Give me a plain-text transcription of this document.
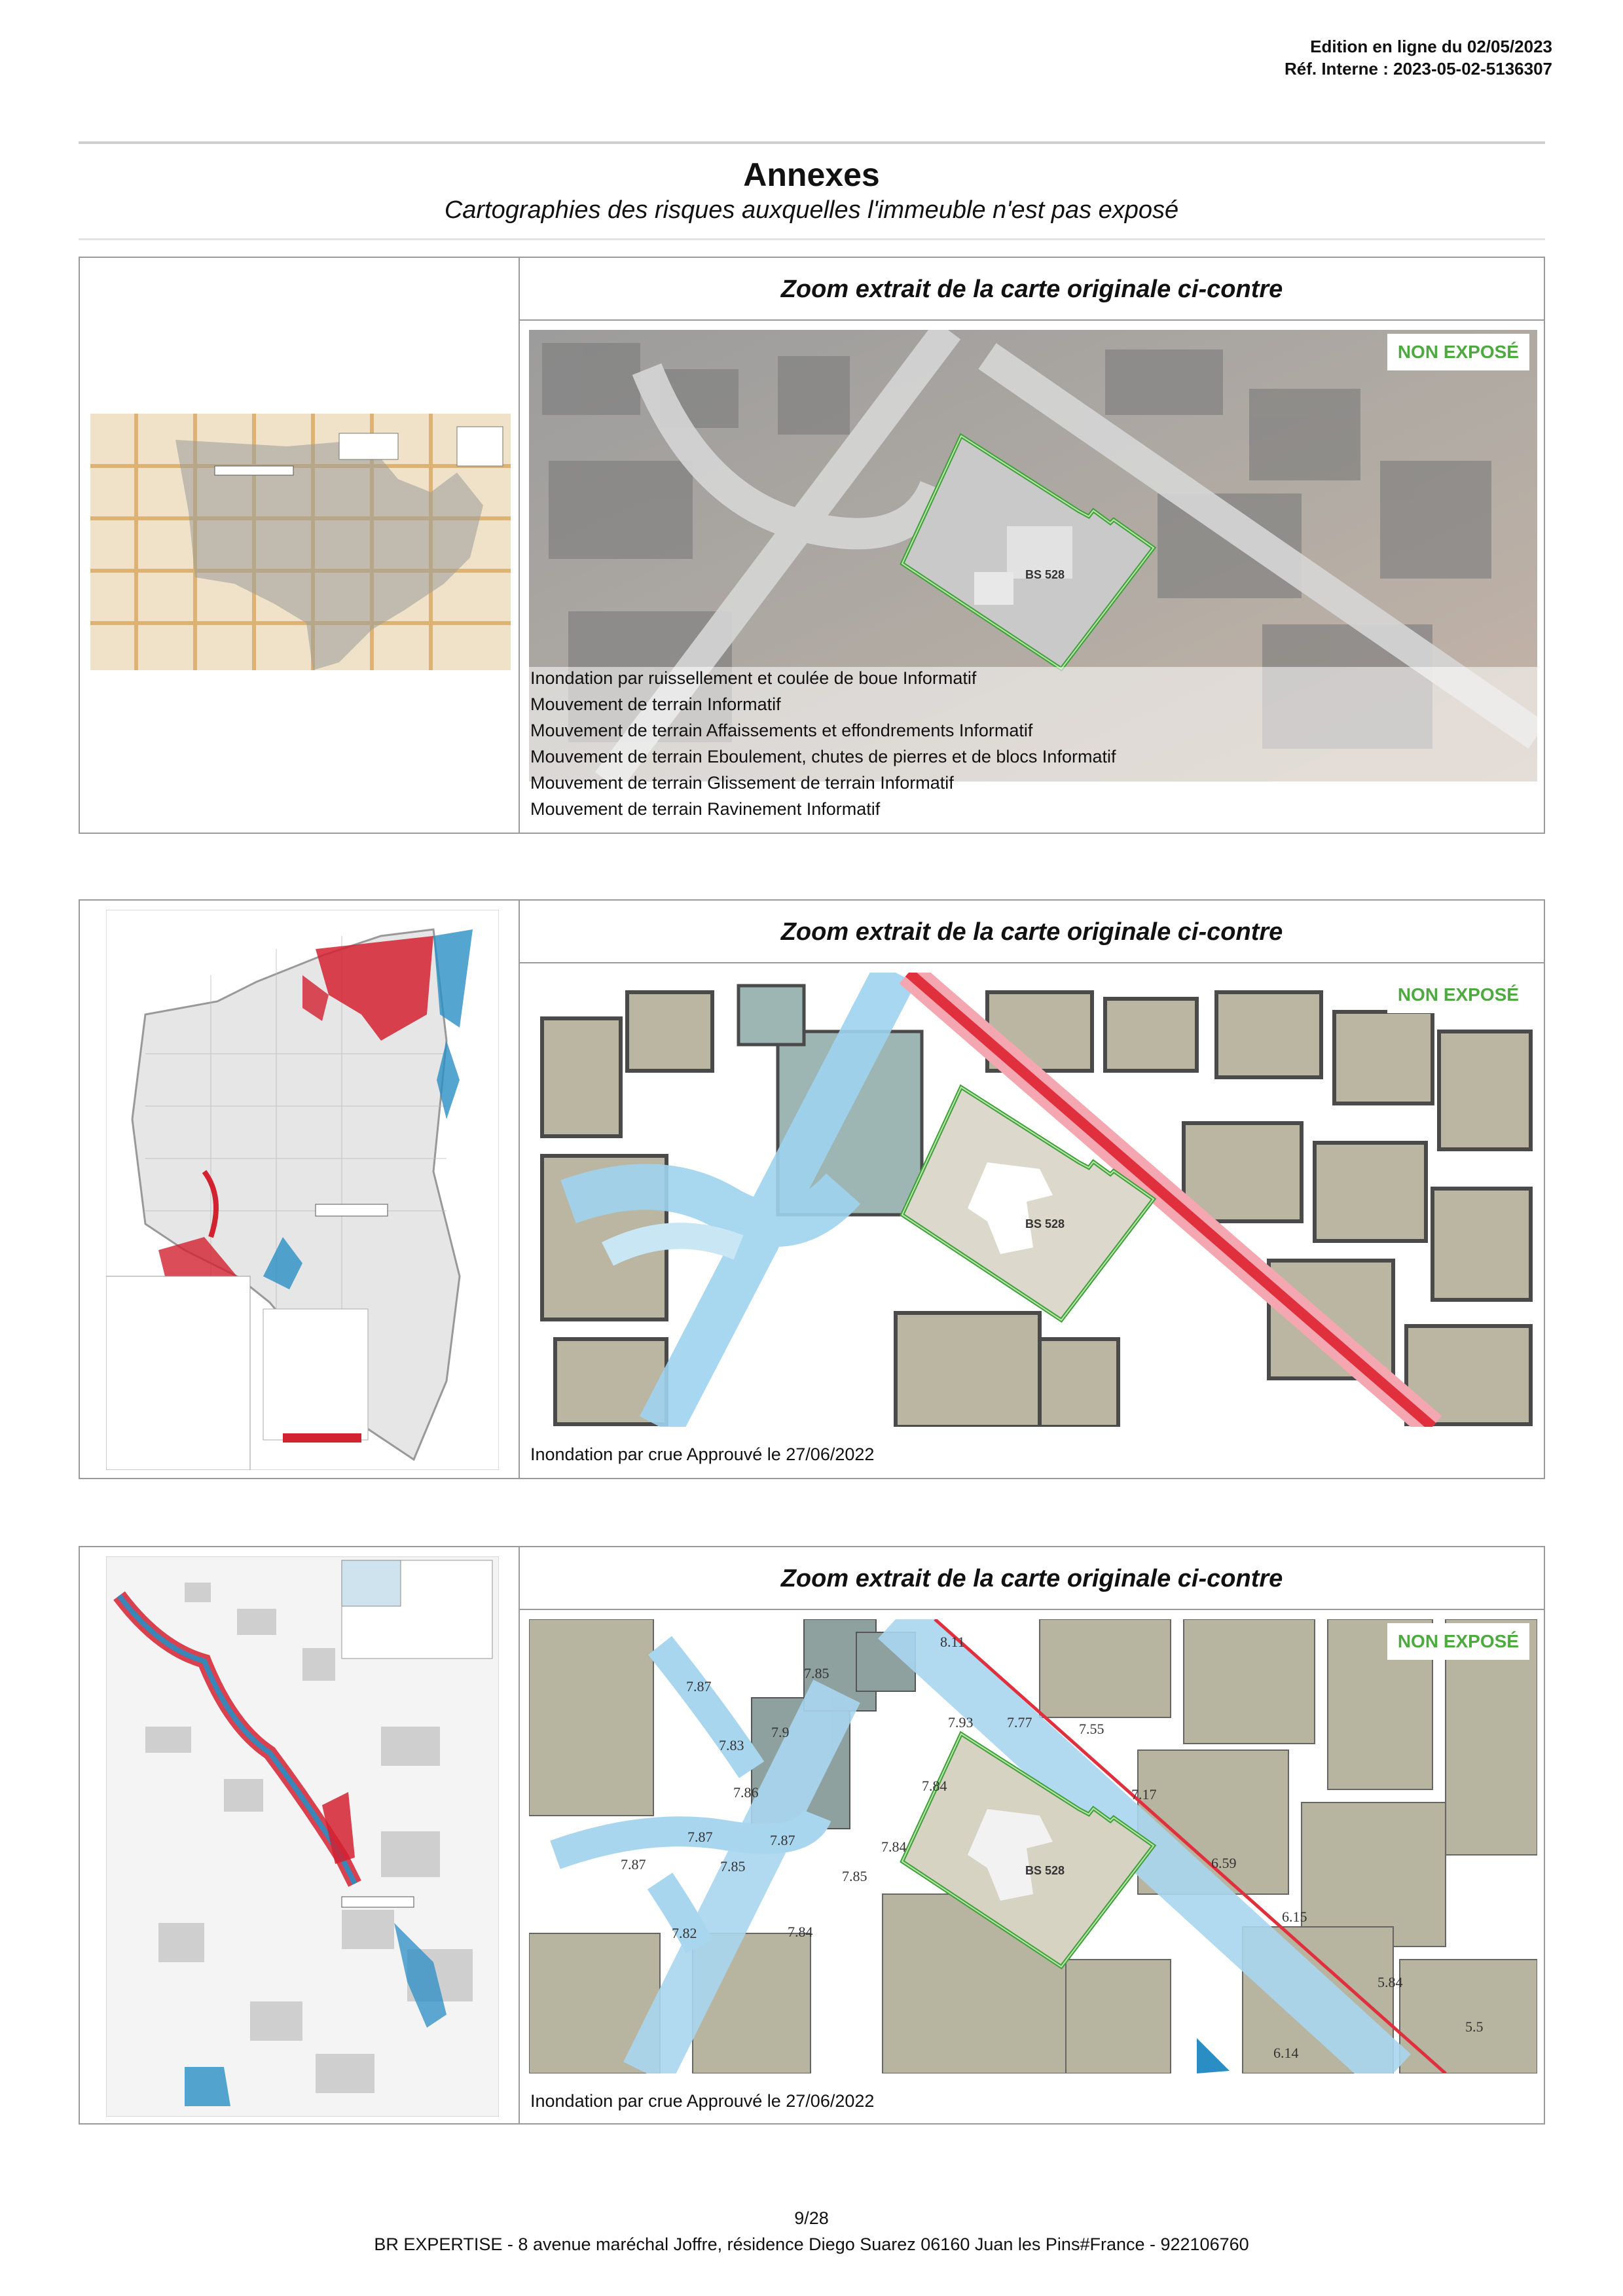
Edition en ligne du 02/05/2023
Réf. Interne : 2023-05-02-5136307
Annexes
Cartographies des risques auxquelles l'immeuble n'est pas exposé
Zoom extrait de la carte originale ci-contre
BS 528
NON EXPOSÉ
Inondation par ruissellement et coulée de boue Informatif
Mouvement de terrain Informatif
Mouvement de terrain Affaissements et effondrements Informatif
Mouvement de terrain Eboulement, chutes de pierres et de blocs Informatif
Mouvement de terrain Glissement de terrain Informatif
Mouvement de terrain Ravinement Informatif
Zoom extrait de la carte originale ci-contre
BS 528
NON EXPOSÉ
Inondation par crue Approuvé le 27/06/2022
Zoom extrait de la carte originale ci-contre
BS 528
8.11
7.85
7.87
7.9
7.93 7.77	7.55
7.83
7.86	7.84
7.17
7.87	7.87	7.84
6.59
7.87	7.85
7.85
6.15
7.82	7.84
5.84
5.5
6.14
NON EXPOSÉ
Inondation par crue Approuvé le 27/06/2022
9/28
BR EXPERTISE - 8 avenue maréchal Joffre, résidence Diego Suarez 06160 Juan les Pins#France - 922106760
